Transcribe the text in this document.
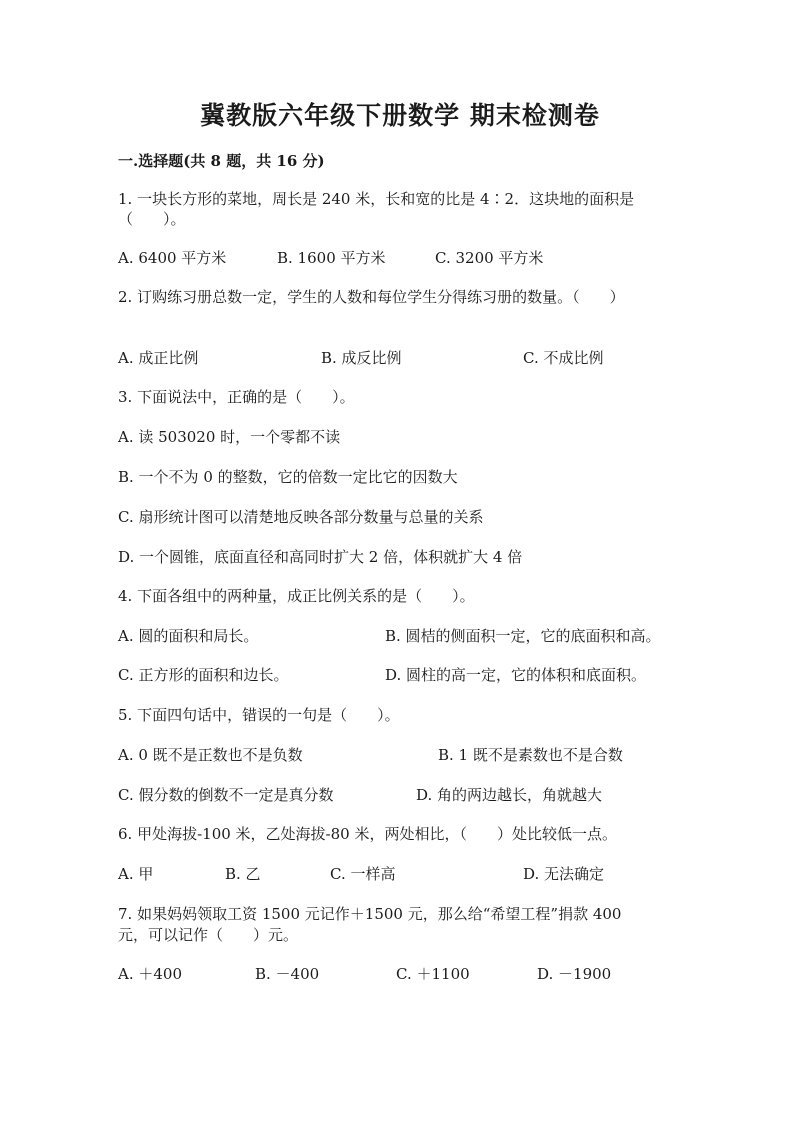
冀教版六年级下册数学 期末检测卷
一.选择题(共 8 题，共 16 分)
1. 一块长方形的菜地，周长是 240 米，长和宽的比是 4∶2．这块地的面积是
（　　）。
A. 6400 平方米	B. 1600 平方米	C. 3200 平方米
2. 订购练习册总数一定，学生的人数和每位学生分得练习册的数量。（　　）
A. 成正比例	B. 成反比例	C. 不成比例
3. 下面说法中，正确的是（　　）。
A. 读 503020 时，一个零都不读
B. 一个不为 0 的整数，它的倍数一定比它的因数大
C. 扇形统计图可以清楚地反映各部分数量与总量的关系
D. 一个圆锥，底面直径和高同时扩大 2 倍，体积就扩大 4 倍
4. 下面各组中的两种量，成正比例关系的是（　　）。
A. 圆的面积和局长。	B. 圆桔的侧面积一定，它的底面积和高。
C. 正方形的面积和边长。	D. 圆柱的高一定，它的体积和底面积。
5. 下面四句话中，错误的一句是（　　）。
A. 0 既不是正数也不是负数	B. 1 既不是素数也不是合数
C. 假分数的倒数不一定是真分数	D. 角的两边越长，角就越大
6. 甲处海拔-100 米，乙处海拔-80 米，两处相比，（　　）处比较低一点。
A. 甲	B. 乙	C. 一样高	D. 无法确定
7. 如果妈妈领取工资 1500 元记作＋1500 元，那么给“希望工程”捐款 400
元，可以记作（　　）元。
A. ＋400	B. －400	C. ＋1100	D. －1900
